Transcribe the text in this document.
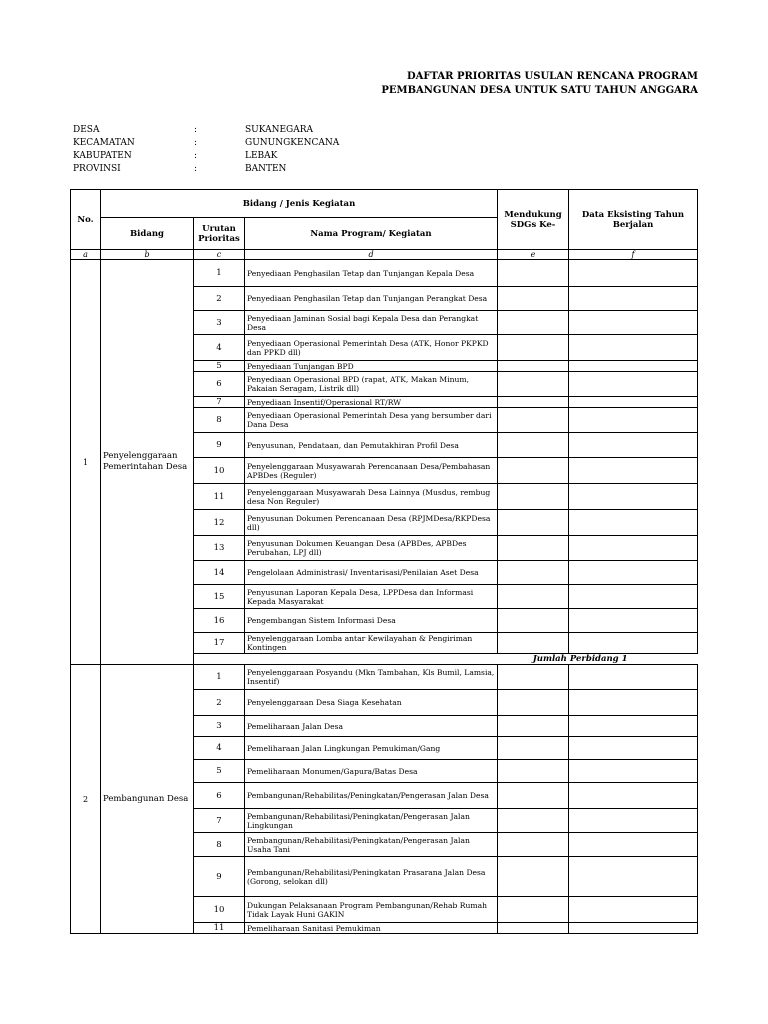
DAFTAR PRIORITAS USULAN RENCANA PROGRAM
PEMBANGUNAN DESA UNTUK SATU TAHUN ANGGARA
DESA	:	SUKANEGARA
KECAMATAN	:	GUNUNGKENCANA
KABUPATEN	:	LEBAK
PROVINSI	:	BANTEN
No.	Bidang / Jenis Kegiatan			Mendukung SDGs Ke-	Data Eksisting Tahun Berjalan
	Bidang	Urutan Prioritas	Nama Program/ Kegiatan		
a	b	c	d	e	f
1	Penyelenggaraan Pemerintahan Desa	1	Penyediaan Penghasilan Tetap dan Tunjangan Kepala Desa		
		2	Penyediaan Penghasilan Tetap dan Tunjangan Perangkat Desa		
		3	Penyediaan Jaminan Sosial bagi Kepala Desa dan Perangkat Desa		
		4	Penyediaan Operasional Pemerintah Desa (ATK, Honor PKPKD dan PPKD dll)		
		5	Penyediaan Tunjangan BPD		
		6	Penyediaan Operasional BPD (rapat, ATK, Makan Minum, Pakaian Seragam, Listrik dll)		
		7	Penyediaan Insentif/Operasional RT/RW		
		8	Penyediaan Operasional Pemerintah Desa yang bersumber dari Dana Desa		
		9	Penyusunan, Pendataan, dan Pemutakhiran Profil Desa		
		10	Penyelenggaraan Musyawarah Perencanaan Desa/Pembahasan APBDes (Reguler)		
		11	Penyelenggaraan Musyawarah Desa Lainnya (Musdus, rembug desa Non Reguler)		
		12	Penyusunan Dokumen Perencanaan Desa (RPJMDesa/RKPDesa dll)		
		13	Penyusunan Dokumen Keuangan Desa (APBDes, APBDes Perubahan, LPJ dll)		
		14	Pengelolaan Administrasi/ Inventarisasi/Penilaian Aset Desa		
		15	Penyusunan Laporan Kepala Desa, LPPDesa dan Informasi Kepada Masyarakat		
		16	Pengembangan Sistem Informasi Desa		
		17	Penyelenggaraan Lomba antar Kewilayahan & Pengiriman Kontingen		
		Jumlah Perbidang 1			
2	Pembangunan Desa	1	Penyelenggaraan Posyandu (Mkn Tambahan, Kls Bumil, Lamsia, Insentif)		
		2	Penyelenggaraan Desa Siaga Kesehatan		
		3	Pemeliharaan Jalan Desa		
		4	Pemeliharaan Jalan Lingkungan Pemukiman/Gang		
		5	Pemeliharaan Monumen/Gapura/Batas Desa		
		6	Pembangunan/Rehabilitas/Peningkatan/Pengerasan Jalan Desa		
		7	Pembangunan/Rehabilitasi/Peningkatan/Pengerasan Jalan Lingkungan		
		8	Pembangunan/Rehabilitasi/Peningkatan/Pengerasan Jalan Usaha Tani		
		9	Pembangunan/Rehabilitasi/Peningkatan Prasarana Jalan Desa (Gorong, selokan dll)		
		10	Dukungan Pelaksanaan Program Pembangunan/Rehab Rumah Tidak Layak Huni GAKIN		
		11	Pemeliharaan Sanitasi Pemukiman		
